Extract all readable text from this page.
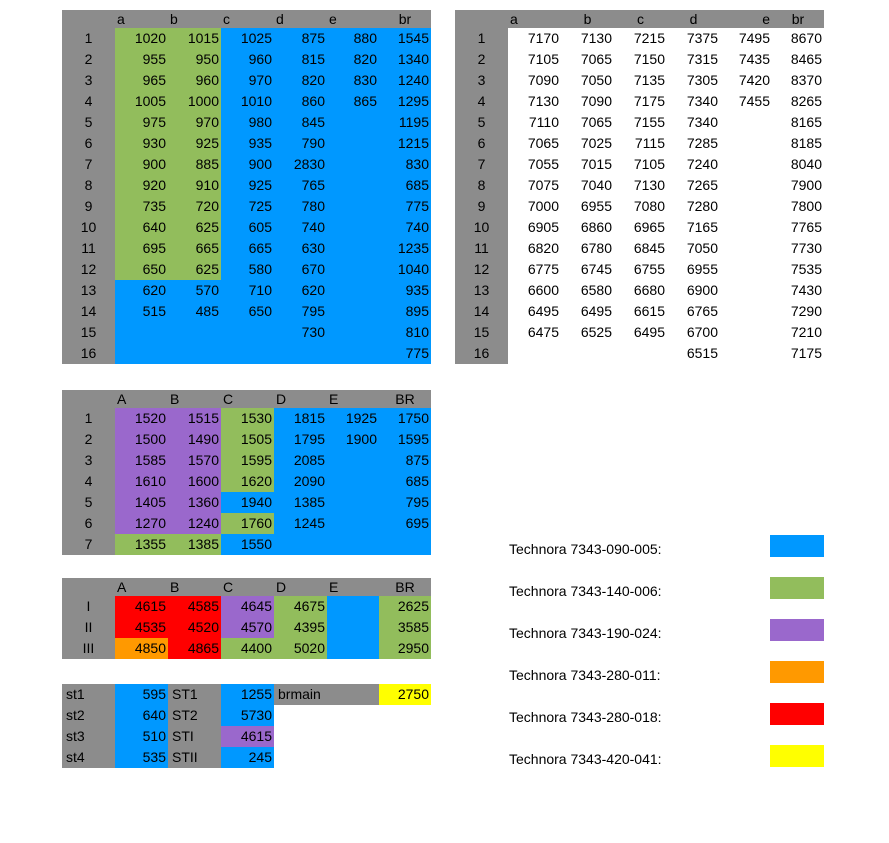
	a	b	c	d	e	br
1	1020	1015	1025	875	880	1545
2	955	950	960	815	820	1340
3	965	960	970	820	830	1240
4	1005	1000	1010	860	865	1295
5	975	970	980	845		1195
6	930	925	935	790		1215
7	900	885	900	2830		830
8	920	910	925	765		685
9	735	720	725	780		775
10	640	625	605	740		740
11	695	665	665	630		1235
12	650	625	580	670		1040
13	620	570	710	620		935
14	515	485	650	795		895
15				730		810
16						775
	a	b	c	d	e	br
1	7170	7130	7215	7375	7495	8670
2	7105	7065	7150	7315	7435	8465
3	7090	7050	7135	7305	7420	8370
4	7130	7090	7175	7340	7455	8265
5	7110	7065	7155	7340		8165
6	7065	7025	7115	7285		8185
7	7055	7015	7105	7240		8040
8	7075	7040	7130	7265		7900
9	7000	6955	7080	7280		7800
10	6905	6860	6965	7165		7765
11	6820	6780	6845	7050		7730
12	6775	6745	6755	6955		7535
13	6600	6580	6680	6900		7430
14	6495	6495	6615	6765		7290
15	6475	6525	6495	6700		7210
16				6515		7175
	A	B	C	D	E	BR
1	1520	1515	1530	1815	1925	1750
2	1500	1490	1505	1795	1900	1595
3	1585	1570	1595	2085		875
4	1610	1600	1620	2090		685
5	1405	1360	1940	1385		795
6	1270	1240	1760	1245		695
7	1355	1385	1550			
	A	B	C	D	E	BR
I	4615	4585	4645	4675		2625
II	4535	4520	4570	4395		3585
III	4850	4865	4400	5020		2950
st1	595	ST1	1255	brmain	2750
st2	640	ST2	5730		
st3	510	STI	4615		
st4	535	STII	245		
Technora 7343-090-005:
Technora 7343-140-006:
Technora 7343-190-024:
Technora 7343-280-011:
Technora 7343-280-018:
Technora 7343-420-041:
